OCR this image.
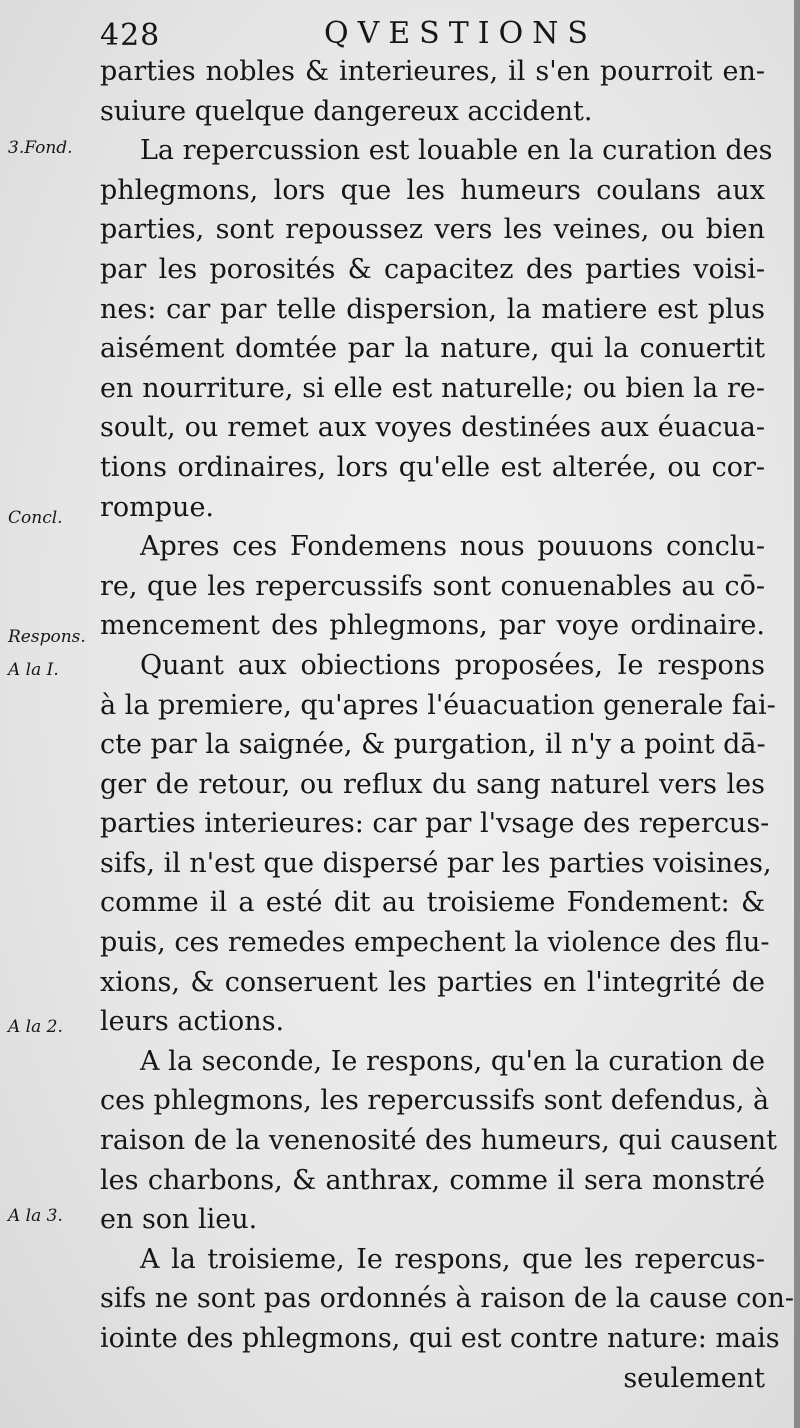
428	QVESTIONS
3.Fond.
Concl.
Respons.
A la I.
A la 2.
A la 3.
parties nobles & interieures, il s'en pourroit en-
suiure quelque dangereux accident.
La repercussion est louable en la curation des
phlegmons, lors que les humeurs coulans aux
parties, sont repoussez vers les veines, ou bien
par les porosités & capacitez des parties voisi-
nes: car par telle dispersion, la matiere est plus
aisément domtée par la nature, qui la conuertit
en nourriture, si elle est naturelle; ou bien la re-
soult, ou remet aux voyes destinées aux éuacua-
tions ordinaires, lors qu'elle est alterée, ou cor-
rompue.
Apres ces Fondemens nous pouuons conclu-
re, que les repercussifs sont conuenables au cō-
mencement des phlegmons, par voye ordinaire.
Quant aux obiections proposées, Ie respons
à la premiere, qu'apres l'éuacuation generale fai-
cte par la saignée, & purgation, il n'y a point dā-
ger de retour, ou reflux du sang naturel vers les
parties interieures: car par l'vsage des repercus-
sifs, il n'est que dispersé par les parties voisines,
comme il a esté dit au troisieme Fondement: &
puis, ces remedes empechent la violence des flu-
xions, & conseruent les parties en l'integrité de
leurs actions.
A la seconde, Ie respons, qu'en la curation de
ces phlegmons, les repercussifs sont defendus, à
raison de la venenosité des humeurs, qui causent
les charbons, & anthrax, comme il sera monstré
en son lieu.
A la troisieme, Ie respons, que les repercus-
sifs ne sont pas ordonnés à raison de la cause con-
iointe des phlegmons, qui est contre nature: mais
seulement
